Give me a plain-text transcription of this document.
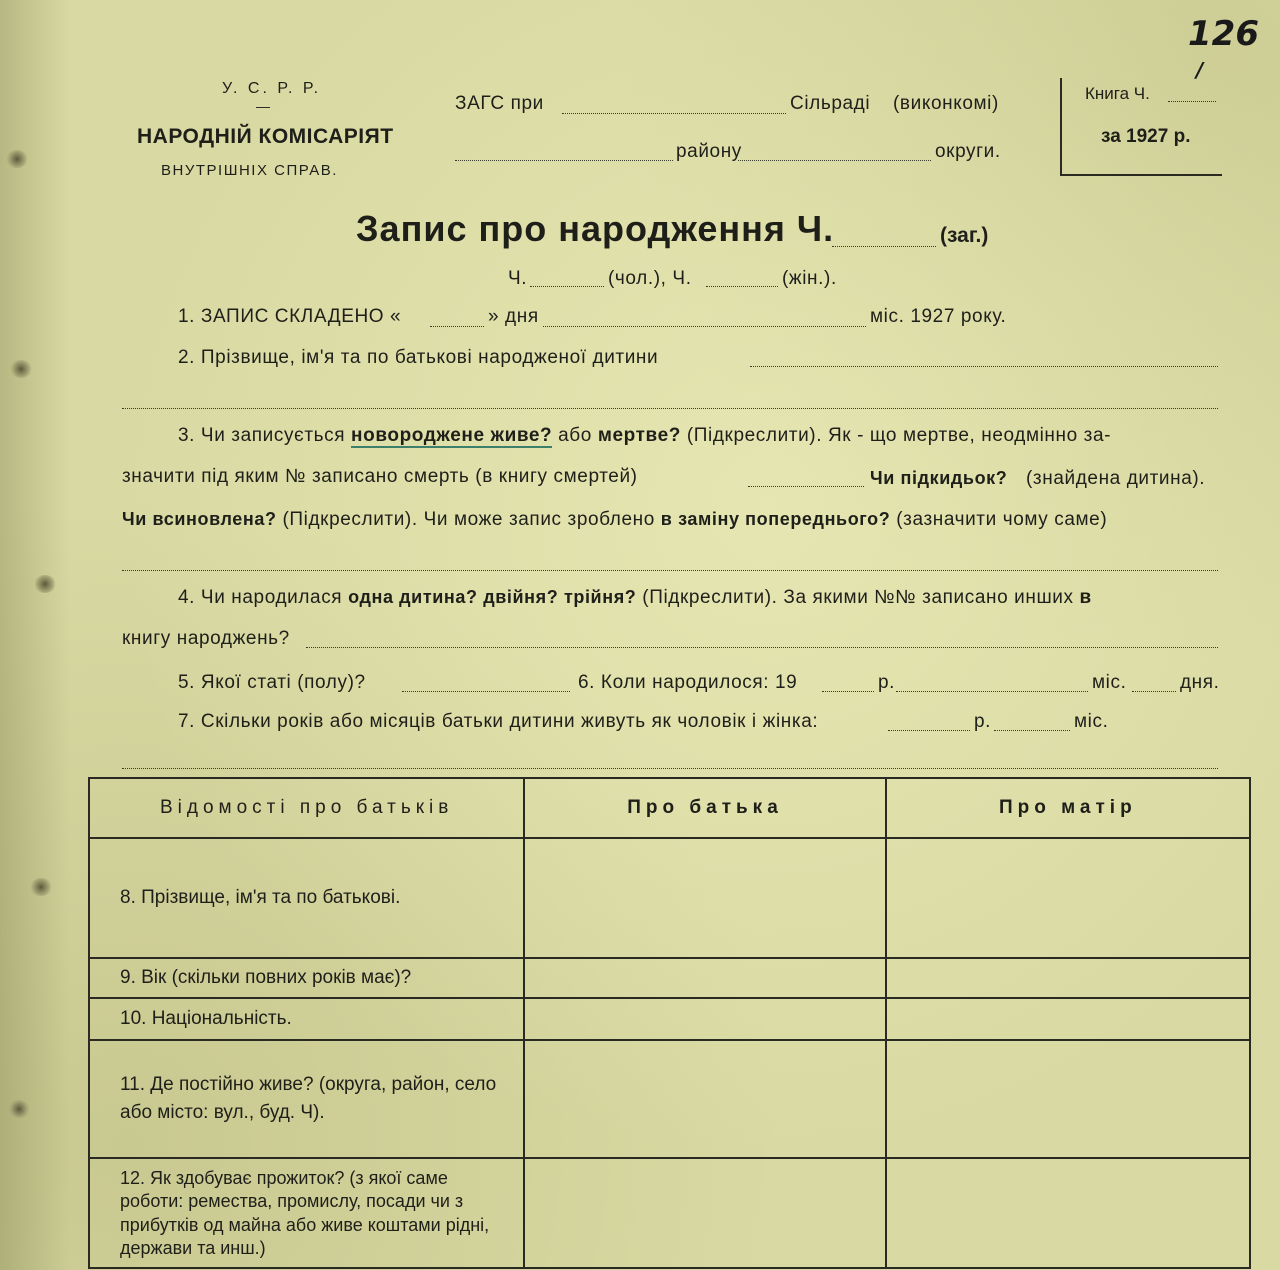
126
/
У. С. Р. Р.
—
НАРОДНІЙ КОМІСАРІЯТ
ВНУТРІШНІХ СПРАВ.
ЗАГС при	Сільраді (виконкомі)
району	округи.
Книга Ч.
за 1927 р.
Запис про народження Ч.	(заг.)
Ч.	(чол.), Ч.	(жін.).
1. ЗАПИС СКЛАДЕНО «	» дня	міс. 1927 року.
2. Прізвище, ім'я та по батькові народженої дитини
3. Чи записується новороджене живе? або мертве? (Підкреслити). Як - що мертве, неодмінно за-
значити під яким № записано смерть (в книгу смертей)	Чи підкидьок? (знайдена дитина).
Чи всиновлена? (Підкреслити). Чи може запис зроблено в заміну попереднього? (зазначити чому саме)
4. Чи народилася одна дитина? двійня? трійня? (Підкреслити). За якими №№ записано инших в
книгу народжень?
5. Якої статі (полу)?	6. Коли народилося: 19	р.	міс.	дня.
7. Скільки років або місяців батьки дитини живуть як чоловік і жінка:	р.	міс.
Відомості про батьків	Про батька	Про матір
8. Прізвище, ім'я та по батькові.		
9. Вік (скільки повних років має)?		
10. Національність.		
11. Де постійно живе? (округа, район, село або місто: вул., буд. Ч).		
12. Як здобуває прожиток? (з якої саме роботи: ремества, промислу, посади чи з прибутків од майна або живе коштами рідні, держави та инш.)		
